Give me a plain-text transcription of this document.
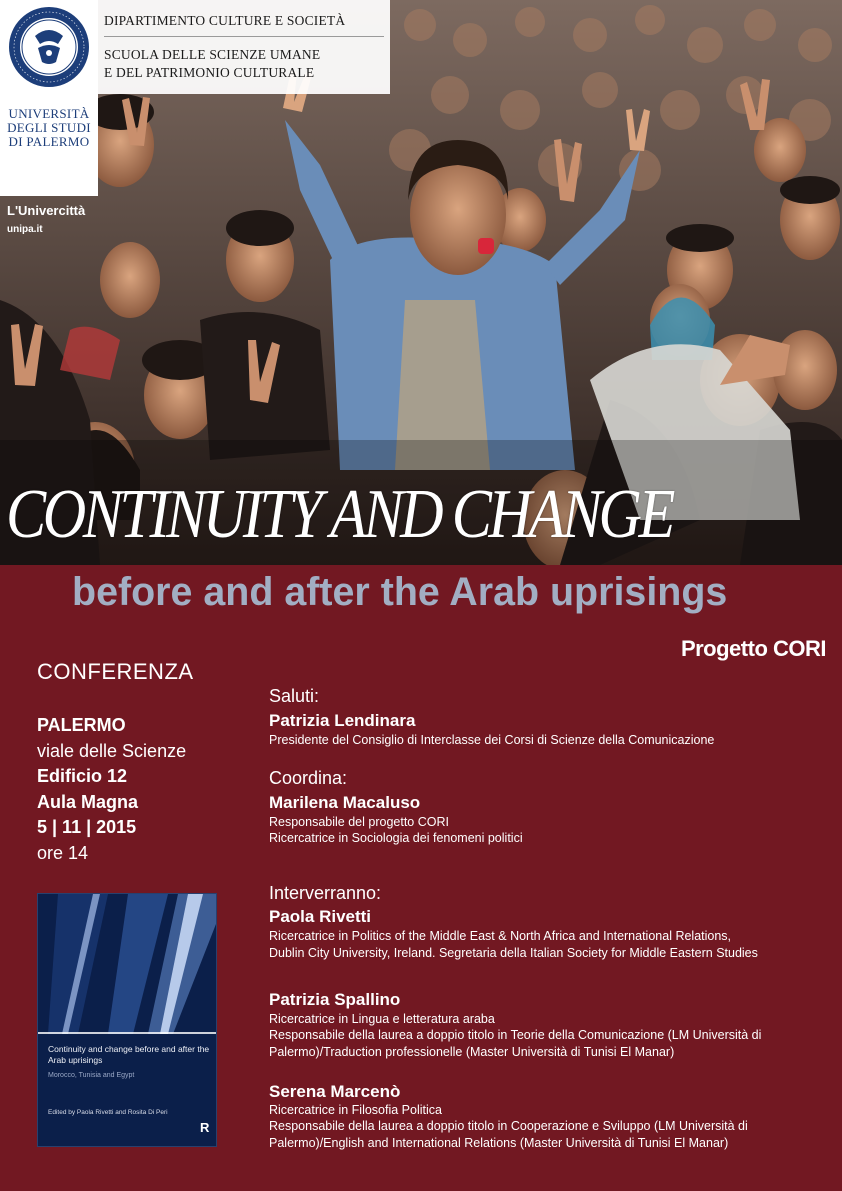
UNIVERSITÀ
DEGLI STUDI
DI PALERMO
DIPARTIMENTO CULTURE E SOCIETÀ
SCUOLA DELLE SCIENZE UMANE
E DEL PATRIMONIO CULTURALE
L'Univercittà
unipa.it
CONTINUITY AND CHANGE
before and after the Arab uprisings
Progetto CORI
CONFERENZA
PALERMO
viale delle Scienze
Edificio 12
Aula Magna
5 | 11 | 2015
ore 14
Continuity and change before and after the Arab uprisings
Morocco, Tunisia and Egypt
Edited by Paola Rivetti and Rosita Di Peri
R
Saluti:
Patrizia Lendinara
Presidente del Consiglio di Interclasse dei Corsi di Scienze della Comunicazione
Coordina:
Marilena Macaluso
Responsabile del progetto CORI
Ricercatrice in Sociologia dei fenomeni politici
Interverranno:
Paola Rivetti
Ricercatrice in Politics of the Middle East & North Africa and International Relations,
Dublin City University, Ireland. Segretaria della Italian Society for Middle Eastern Studies
Patrizia Spallino
Ricercatrice in Lingua e letteratura araba
Responsabile della laurea a doppio titolo in Teorie della Comunicazione (LM Università di
Palermo)/Traduction professionelle (Master Università di Tunisi El Manar)
Serena Marcenò
Ricercatrice in Filosofia Politica
Responsabile della laurea a doppio titolo in Cooperazione e Sviluppo (LM Università di
Palermo)/English and International Relations (Master Università di Tunisi El Manar)
